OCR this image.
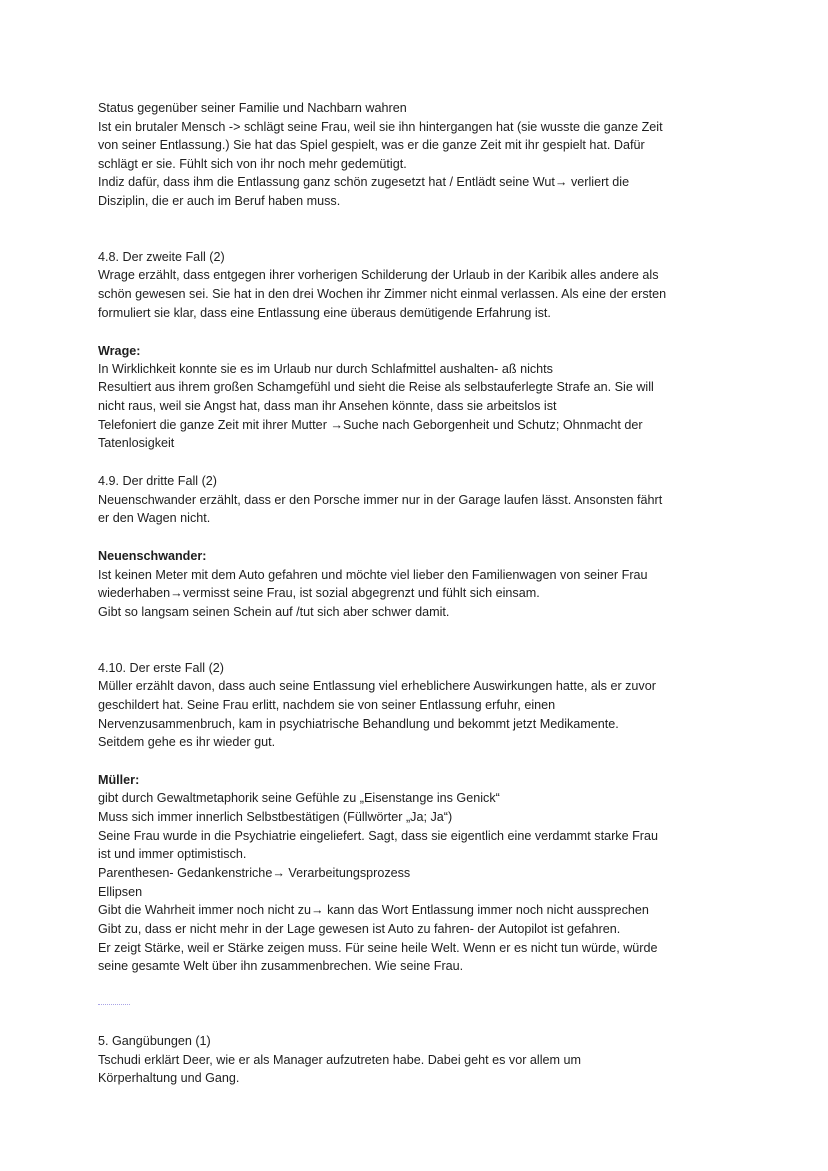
Status gegenüber seiner Familie und Nachbarn wahren
Ist ein brutaler Mensch -> schlägt seine Frau, weil sie ihn hintergangen hat (sie wusste die ganze Zeit
von seiner Entlassung.) Sie hat das Spiel gespielt, was er die ganze Zeit mit ihr gespielt hat. Dafür
schlägt er sie. Fühlt sich von ihr noch mehr gedemütigt.
Indiz dafür, dass ihm die Entlassung ganz schön zugesetzt hat / Entlädt seine Wut→ verliert die
Disziplin, die er auch im Beruf haben muss.
4.8. Der zweite Fall (2)
Wrage erzählt, dass entgegen ihrer vorherigen Schilderung der Urlaub in der Karibik alles andere als
schön gewesen sei. Sie hat in den drei Wochen ihr Zimmer nicht einmal verlassen. Als eine der ersten
formuliert sie klar, dass eine Entlassung eine überaus demütigende Erfahrung ist.
Wrage:
In Wirklichkeit konnte sie es im Urlaub nur durch Schlafmittel aushalten- aß nichts
Resultiert aus ihrem großen Schamgefühl und sieht die Reise als selbstauferlegte Strafe an. Sie will
nicht raus, weil sie Angst hat, dass man ihr Ansehen könnte, dass sie arbeitslos ist
Telefoniert die ganze Zeit mit ihrer Mutter →Suche nach Geborgenheit und Schutz; Ohnmacht der
Tatenlosigkeit
4.9. Der dritte Fall (2)
Neuenschwander erzählt, dass er den Porsche immer nur in der Garage laufen lässt. Ansonsten fährt
er den Wagen nicht.
Neuenschwander:
Ist keinen Meter mit dem Auto gefahren und möchte viel lieber den Familienwagen von seiner Frau
wiederhaben→vermisst seine Frau, ist sozial abgegrenzt und fühlt sich einsam.
Gibt so langsam seinen Schein auf /tut sich aber schwer damit.
4.10. Der erste Fall (2)
Müller erzählt davon, dass auch seine Entlassung viel erheblichere Auswirkungen hatte, als er zuvor
geschildert hat. Seine Frau erlitt, nachdem sie von seiner Entlassung erfuhr, einen
Nervenzusammenbruch, kam in psychiatrische Behandlung und bekommt jetzt Medikamente.
Seitdem gehe es ihr wieder gut.
Müller:
gibt durch Gewaltmetaphorik seine Gefühle zu „Eisenstange ins Genick“
Muss sich immer innerlich Selbstbestätigen (Füllwörter „Ja; Ja“)
Seine Frau wurde in die Psychiatrie eingeliefert. Sagt, dass sie eigentlich eine verdammt starke Frau
ist und immer optimistisch.
Parenthesen- Gedankenstriche→ Verarbeitungsprozess
Ellipsen
Gibt die Wahrheit immer noch nicht zu→ kann das Wort Entlassung immer noch nicht aussprechen
Gibt zu, dass er nicht mehr in der Lage gewesen ist Auto zu fahren- der Autopilot ist gefahren.
Er zeigt Stärke, weil er Stärke zeigen muss. Für seine heile Welt. Wenn er es nicht tun würde, würde
seine gesamte Welt über ihn zusammenbrechen. Wie seine Frau.
5. Gangübungen (1)
Tschudi erklärt Deer, wie er als Manager aufzutreten habe. Dabei geht es vor allem um
Körperhaltung und Gang.
